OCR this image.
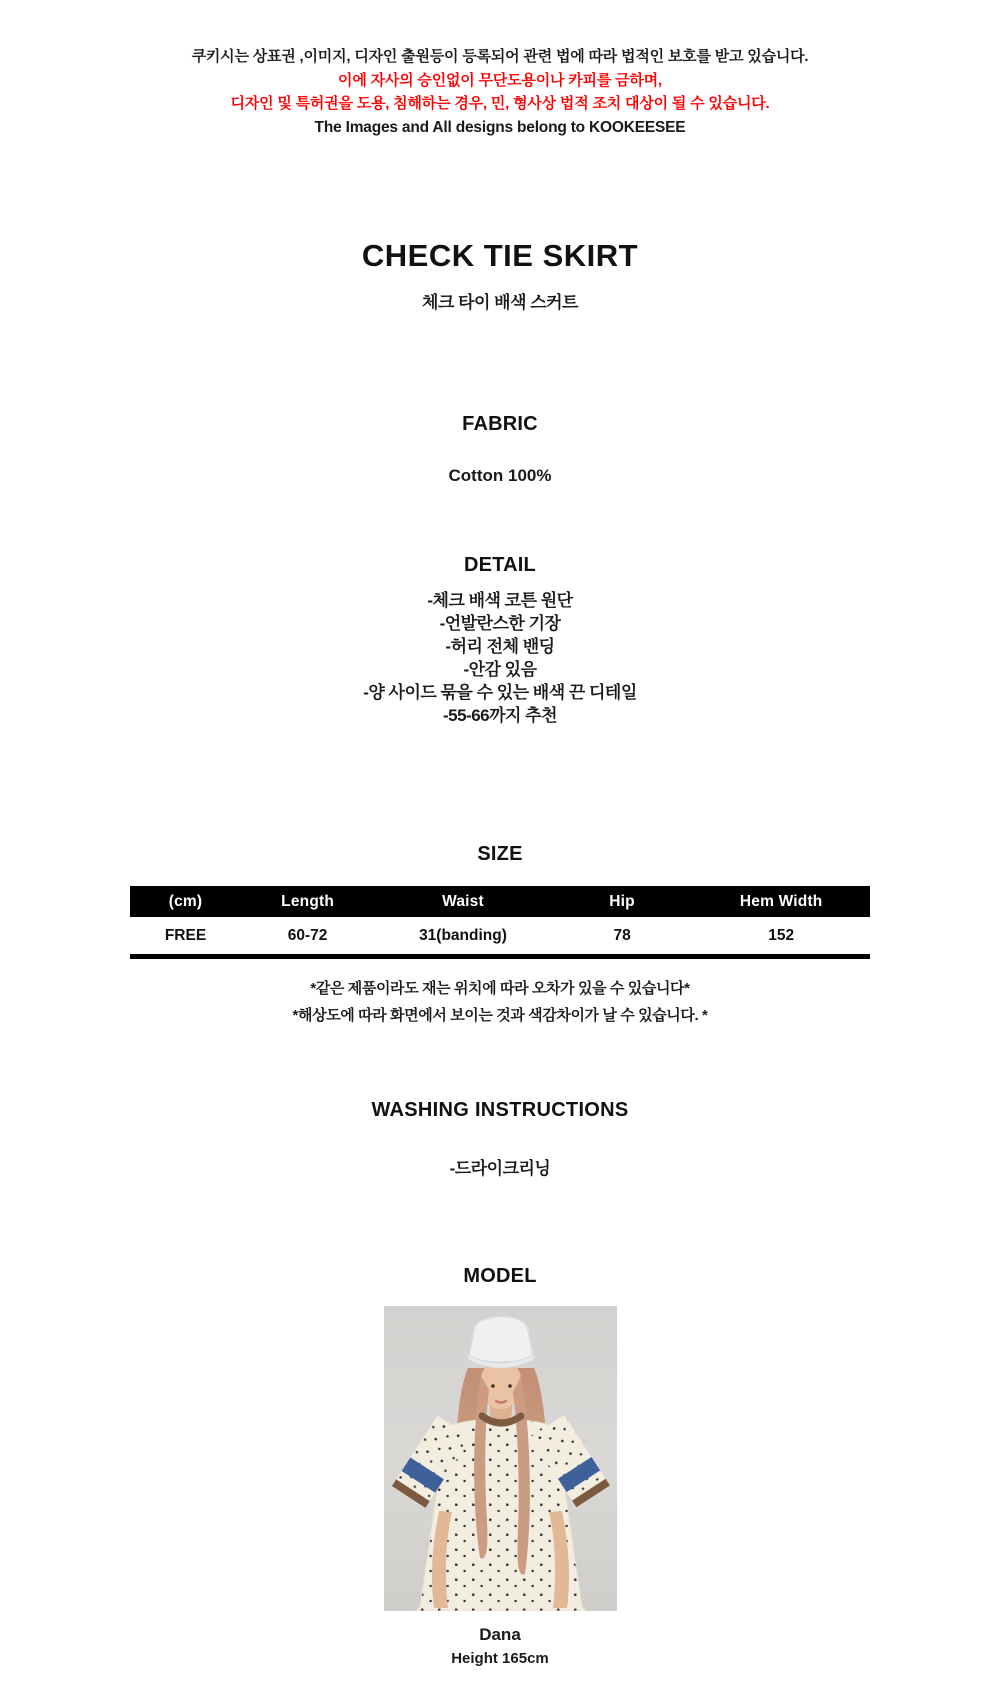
쿠키시는 상표권 ,이미지, 디자인 출원등이 등록되어 관련 법에 따라 법적인 보호를 받고 있습니다.
이에 자사의 승인없이 무단도용이나 카피를 금하며,
디자인 및 특허권을 도용, 침해하는 경우, 민, 형사상 법적 조치 대상이 될 수 있습니다.
The Images and All designs belong to KOOKEESEE
CHECK TIE SKIRT
체크 타이 배색 스커트
FABRIC
Cotton 100%
DETAIL
-체크 배색 코튼 원단
-언발란스한 기장
-허리 전체 밴딩
-안감 있음
-양 사이드 묶을 수 있는 배색 끈 디테일
-55-66까지 추천
SIZE
(cm)	Length	Waist	Hip	Hem Width
FREE	60-72	31(banding)	78	152
*같은 제품이라도 재는 위치에 따라 오차가 있을 수 있습니다*
*해상도에 따라 화면에서 보이는 것과 색감차이가 날 수 있습니다. *
WASHING INSTRUCTIONS
-드라이크리닝
MODEL
Dana
Height 165cm
